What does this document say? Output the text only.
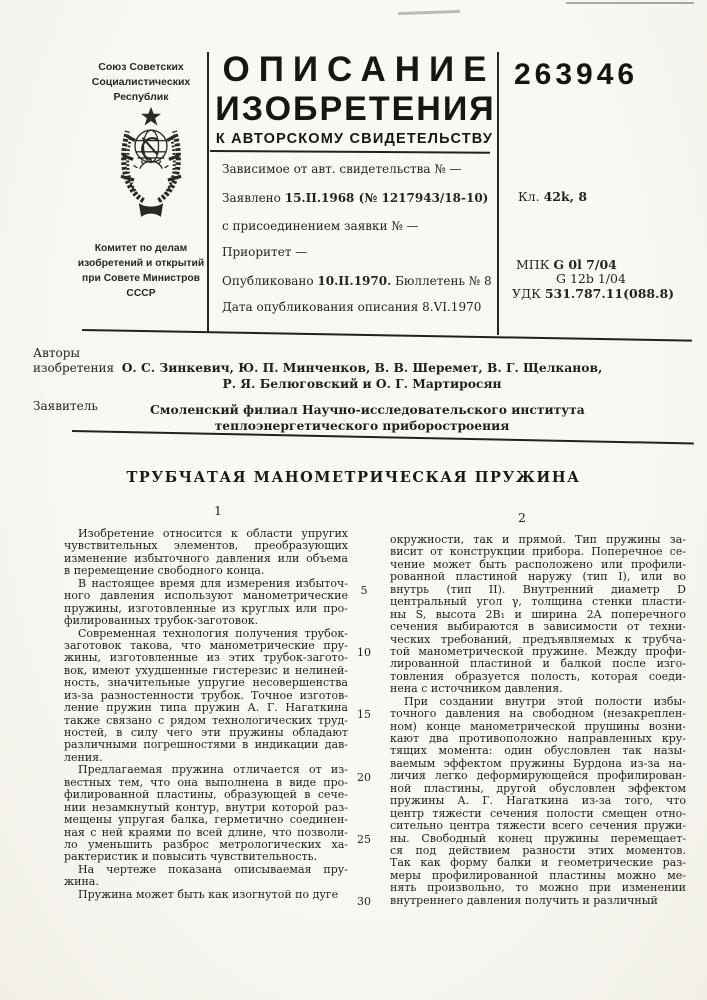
Союз Советских
Социалистических
Республик
Комитет по делам
изобретений и открытий
при Совете Министров
СССР
ОПИСАНИЕ
ИЗОБРЕТЕНИЯ
К АВТОРСКОМУ СВИДЕТЕЛЬСТВУ
263946
Зависимое от авт. свидетельства № —
Заявлено 15.II.1968 (№ 1217943/18-10)
с присоединением заявки № —
Приоритет —
Опубликовано 10.II.1970. Бюллетень № 8
Дата опубликования описания 8.VI.1970
Кл. 42k, 8
МПК G 0l 7/04
G 12b 1/04
УДК 531.787.11(088.8)
Авторы
изобретения О. С. Зинкевич, Ю. П. Минченков, В. В. Шеремет, В. Г. Щелканов,
Р. Я. Белюговский и О. Г. Мартиросян
Заявитель	Смоленский филиал Научно-исследовательского института
теплоэнергетического приборостроения
ТРУБЧАТАЯ МАНОМЕТРИЧЕСКАЯ ПРУЖИНА
1	2
Изобретение относится к области упругих
чувствительных элементов, преобразующих
изменение избыточного давления или объема
в перемещение свободного конца.
В настоящее время для измерения избыточ-
ного давления используют манометрические
пружины, изготовленные из круглых или про-
филированных трубок-заготовок.
Современная технология получения трубок-
заготовок такова, что манометрические пру-
жины, изготовленные из этих трубок-загото-
вок, имеют ухудшенные гистерезис и нелиней-
ность, значительные упругие несовершенства
из-за разностенности трубок. Точное изготов-
ление пружин типа пружин А. Г. Нагаткина
также связано с рядом технологических труд-
ностей, в силу чего эти пружины обладают
различными погрешностями в индикации дав-
ления.
Предлагаемая пружина отличается от из-
вестных тем, что она выполнена в виде про-
филированной пластины, образующей в сече-
нии незамкнутый контур, внутри которой раз-
мещены упругая балка, герметично соединен-
ная с ней краями по всей длине, что позволи-
ло уменьшить разброс метрологических ха-
рактеристик и повысить чувствительность.
На чертеже показана описываемая пру-
жина.
Пружина может быть как изогнутой по дуге
окружности, так и прямой. Тип пружины за-
висит от конструкции прибора. Поперечное се-
чение может быть расположено или профили-
рованной пластиной наружу (тип I), или во
внутрь (тип II). Внутренний диаметр D
центральный угол γ, толщина стенки пласти-
ны S, высота 2B₁ и ширина 2A поперечного
сечения выбираются в зависимости от техни-
ческих требований, предъявляемых к трубча-
той манометрической пружине. Между профи-
лированной пластиной и балкой после изго-
товления образуется полость, которая соеди-
нена с источником давления.
При создании внутри этой полости избы-
точного давления на свободном (незакреплен-
ном) конце манометрической прушины возни-
кают два противоположно направленных кру-
тящих момента: один обусловлен так назы-
ваемым эффектом пружины Бурдона из-за на-
личия легко деформирующейся профилирован-
ной пластины, другой обусловлен эффектом
пружины А. Г. Нагаткина из-за того, что
центр тяжести сечения полости смещен отно-
сительно центра тяжести всего сечения пружи-
ны. Свободный конец пружины перемещает-
ся под действием разности этих моментов.
Так как форму балки и геометрические раз-
меры профилированной пластины можно ме-
нять произвольно, то можно при изменении
внутреннего давления получить и различный
5
10
15
20
25
30
